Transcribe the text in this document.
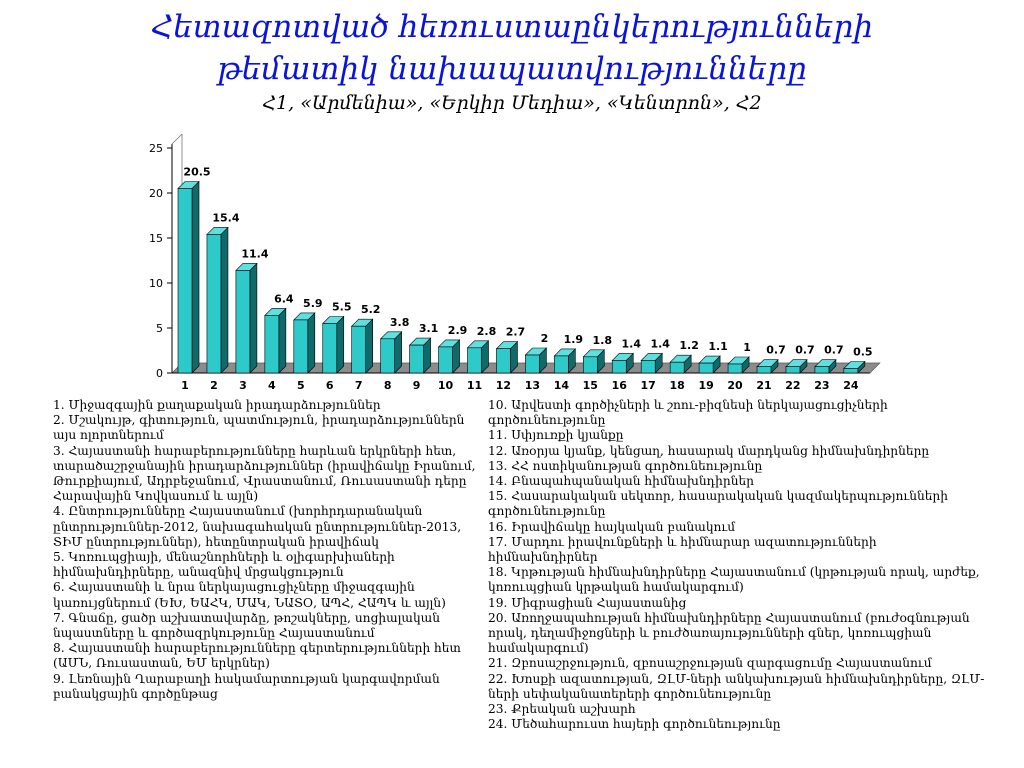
Հետազոտված հեռուստաընկերությունների
թեմատիկ նախապատվությունները
Հ1, «Արմենիա», «Երկիր Մեդիա», «Կենտրոն», Հ2
0
5
10
15
20
25
20.5
1
15.4
2
11.4
3
6.4
4
5.9
5
5.5
6
5.2
7
3.8
8
3.1
9
2.9
10
2.8
11
2.7
12
2
13
1.9
14
1.8
15
1.4
16
1.4
17
1.2
18
1.1
19
1
20
0.7
21
0.7
22
0.7
23
0.5
24
1. Միջազգային քաղաքական իրադարձություններ
2. Մշակույթ, գիտություն, պատմություն, իրադարձություններն այս ոլորտներում
3. Հայաստանի հարաբերությունները հարևան երկրների հետ, տարածաշրջանային իրադարձություններ (իրավիճակը Իրանում, Թուրքիայում, Ադրբեջանում, Վրաստանում, Ռուսաստանի դերը Հարավային Կովկասում և այլն)
4. Ընտրությունները Հայաստանում (խորհրդարանական ընտրություններ-2012, նախագահական ընտրություններ-2013, ՏԻՄ ընտրություններ), հետընտրական իրավիճակ
5. Կոռուպցիայի, մենաշնորհների և օլիգարխիաների հիմնախնդիրները, անազնիվ մրցակցություն
6. Հայաստանի և նրա ներկայացուցիչները միջազգային կառույցներում (ԵԽ, ԵԱՀԿ, ՄԱԿ, ՆԱՏՕ, ԱՊՀ, ՀԱՊԿ և այլն)
7. Գնաճը, ցածր աշխատավարձը, թոշակները, սոցիալական նպաստները և գործազրկությունը Հայաստանում
8. Հայաստանի հարաբերությունները գերտերությունների հետ (ԱՄՆ, Ռուսաստան, ԵՄ երկրներ)
9. Լեռնային Ղարաբաղի հակամարտության կարգավորման բանակցային գործընթաց
10. Արվեստի գործիչների և շոու-բիզնեսի ներկայացուցիչների գործունեությունը
11. Սփյուռքի կյանքը
12. Առօրյա կյանք, կենցաղ, հասարակ մարդկանց հիմնախնդիրները
13. ՀՀ ոստիկանության գործունեությունը
14. Բնապահպանական հիմնախնդիրներ
15. Հասարակական սեկտոր, հասարակական կազմակերպությունների գործունեությունը
16. Իրավիճակը հայկական բանակում
17. Մարդու իրավունքների և հիմնարար ազատությունների հիմնախնդիրներ
18. Կրթության հիմնախնդիրները Հայաստանում (կրթության որակ, արժեք, կոռուպցիան կրթական համակարգում)
19. Միգրացիան Հայաստանից
20. Առողջապահության հիմնախնդիրները Հայաստանում (բուժօգնության որակ, դեղամիջոցների և բուժծառայությունների գներ, կոռուպցիան համակարգում)
21. Զբոսաշրջություն, զբոսաշրջության զարգացումը Հայաստանում
22. Խոսքի ազատության, ԶԼՄ-ների անկախության հիմնախնդիրները, ԶԼՄ-ների սեփականատերերի գործունեությունը
23. Քրեական աշխարհ
24. Մեծահարուստ հայերի գործունեությունը
